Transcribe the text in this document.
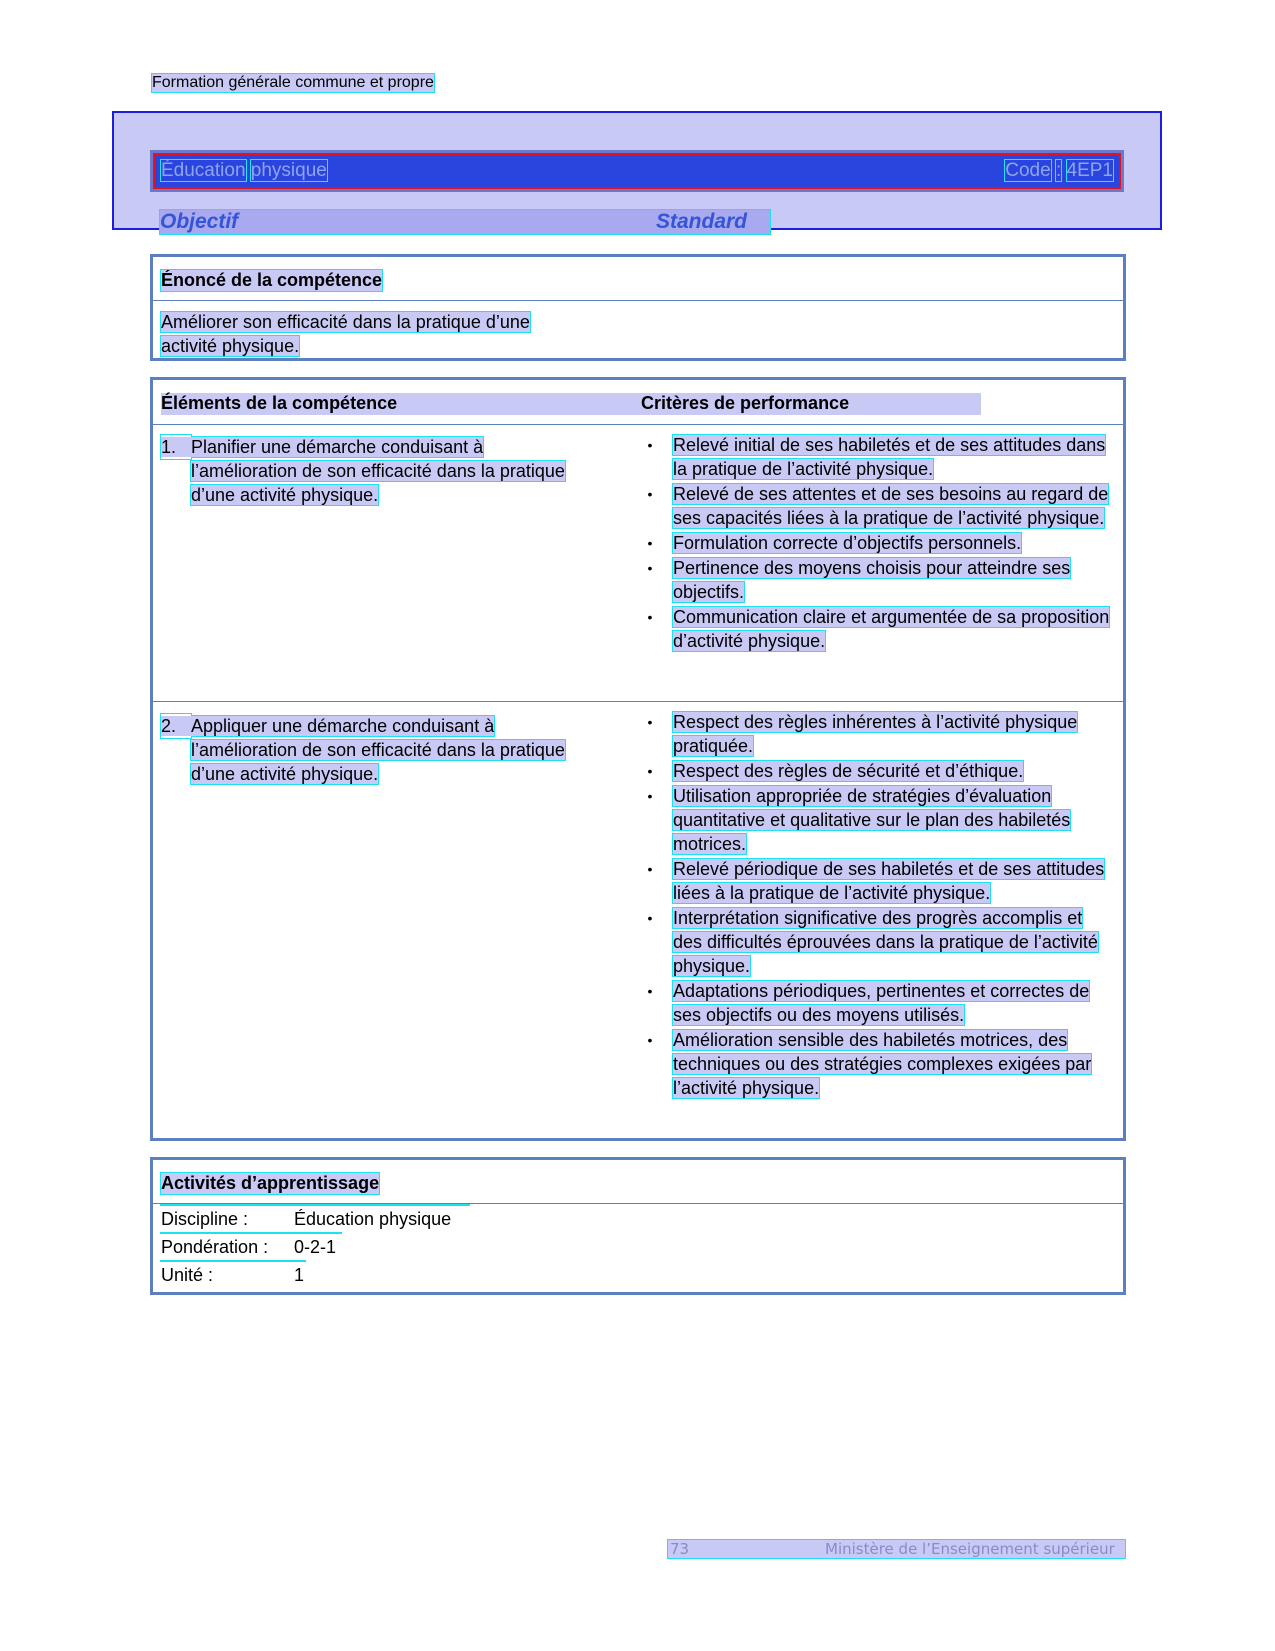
Formation générale commune et propre
Éducation physique	Code : 4EP1
Objectif	Standard
Énoncé de la compétence
Améliorer son efficacité dans la pratique d’une
activité physique.
Éléments de la compétence	Critères de performance
1. Planifier une démarche conduisant à
l’amélioration de son efficacité dans la pratique
d’une activité physique.
• Relevé initial de ses habiletés et de ses attitudes dans la pratique de l’activité physique.
• Relevé de ses attentes et de ses besoins au regard de ses capacités liées à la pratique de l’activité physique.
• Formulation correcte d’objectifs personnels.
• Pertinence des moyens choisis pour atteindre ses objectifs.
• Communication claire et argumentée de sa proposition d’activité physique.
2. Appliquer une démarche conduisant à
l’amélioration de son efficacité dans la pratique
d’une activité physique.
• Respect des règles inhérentes à l’activité physique pratiquée.
• Respect des règles de sécurité et d’éthique.
• Utilisation appropriée de stratégies d’évaluation quantitative et qualitative sur le plan des habiletés motrices.
• Relevé périodique de ses habiletés et de ses attitudes liées à la pratique de l’activité physique.
• Interprétation significative des progrès accomplis et des difficultés éprouvées dans la pratique de l’activité physique.
• Adaptations périodiques, pertinentes et correctes de ses objectifs ou des moyens utilisés.
• Amélioration sensible des habiletés motrices, des techniques ou des stratégies complexes exigées par l’activité physique.
Activités d’apprentissage
Discipline :	Éducation physique
Pondération : 0-2-1
Unité :	1
73	Ministère de l’Enseignement supérieur
